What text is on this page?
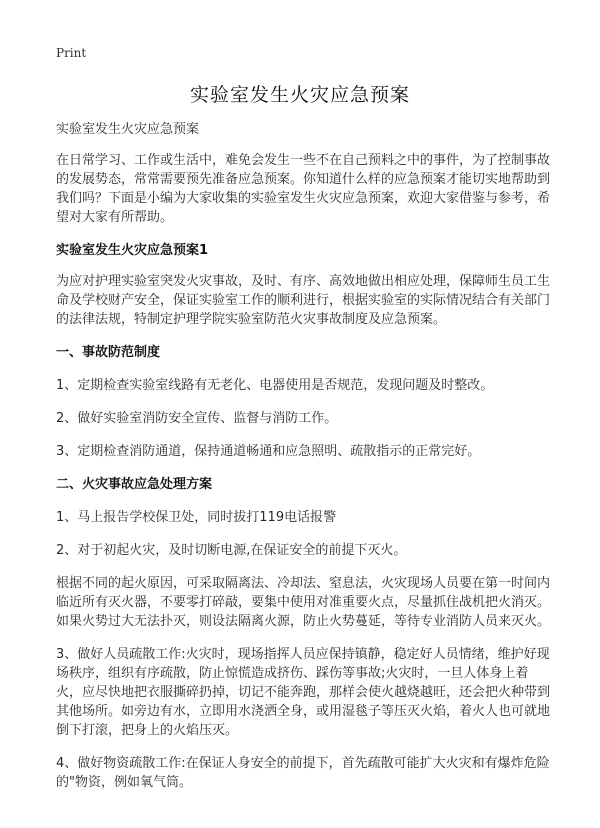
Print
实验室发生火灾应急预案

实验室发生火灾应急预案

在日常学习、工作或生活中，难免会发生一些不在自己预料之中的事件，为了控制事故的发展势态，常常需要预先准备应急预案。你知道什么样的应急预案才能切实地帮助到我们吗？下面是小编为大家收集的实验室发生火灾应急预案，欢迎大家借鉴与参考，希望对大家有所帮助。

实验室发生火灾应急预案1

为应对护理实验室突发火灾事故，及时、有序、高效地做出相应处理，保障师生员工生命及学校财产安全，保证实验室工作的顺利进行，根据实验室的实际情况结合有关部门的法律法规，特制定护理学院实验室防范火灾事故制度及应急预案。

一、事故防范制度

1、定期检查实验室线路有无老化、电器使用是否规范，发现问题及时整改。

2、做好实验室消防安全宣传、监督与消防工作。

3、定期检查消防通道，保持通道畅通和应急照明、疏散指示的正常完好。

二、火灾事故应急处理方案

1、马上报告学校保卫处，同时拔打119电话报警

2、对于初起火灾，及时切断电源,在保证安全的前提下灭火。

根据不同的起火原因，可采取隔离法、冷却法、窒息法，火灾现场人员要在第一时间内临近所有灭火器，不要零打碎敲，要集中使用对准重要火点，尽量抓住战机把火消灭。如果火势过大无法扑灭，则设法隔离火源，防止火势蔓延，等待专业消防人员来灭火。

3、做好人员疏散工作:火灾时，现场指挥人员应保持镇静，稳定好人员情绪，维护好现场秩序，组织有序疏散，防止惊慌造成挤伤、踩伤等事故;火灾时，一旦人体身上着火，应尽快地把衣服撕碎扔掉，切记不能奔跑，那样会使火越烧越旺，还会把火种带到其他场所。如旁边有水，立即用水浇洒全身，或用湿毯子等压灭火焰，着火人也可就地倒下打滚，把身上的火焰压灭。

4、做好物资疏散工作:在保证人身安全的前提下，首先疏散可能扩大火灾和有爆炸危险的"物资，例如氧气筒。
